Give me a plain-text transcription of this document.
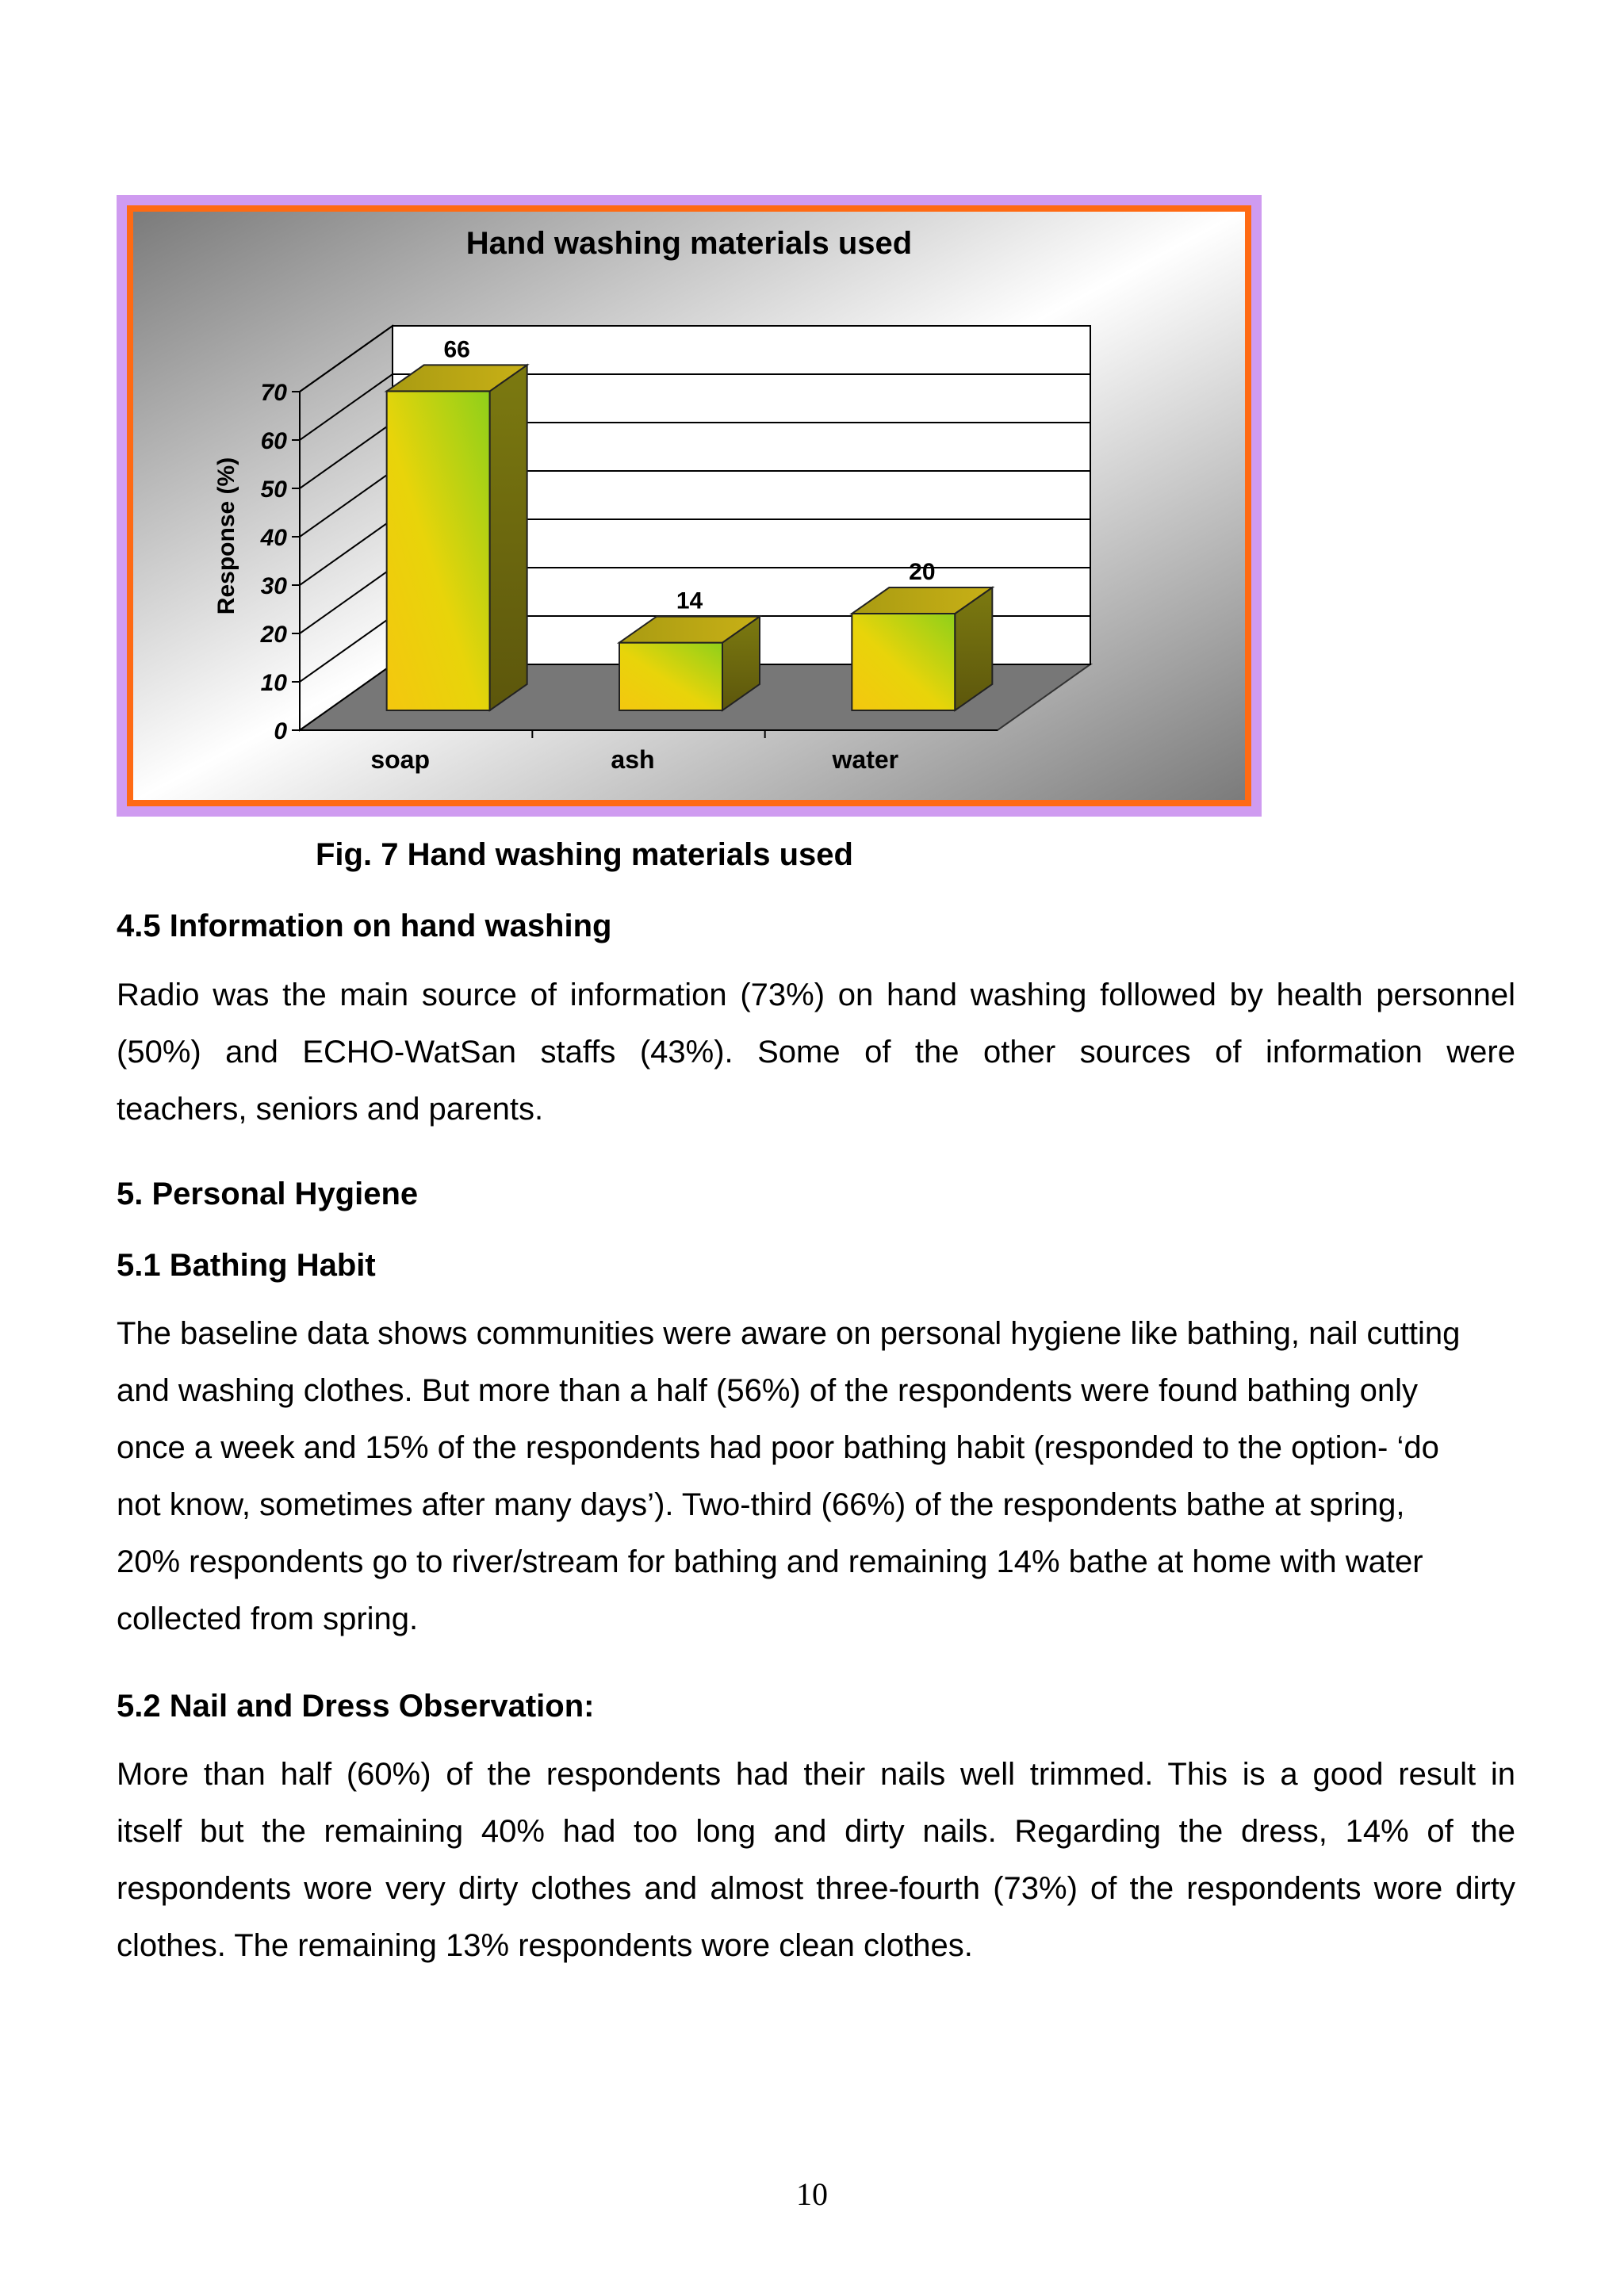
Hand washing materials used
Response (%)
0
10
20
30
40
50
60
70
66
14
20
soap	ash	water
Fig. 7 Hand washing materials used
4.5 Information on hand washing
Radio was the main source of information (73%) on hand washing followed by health personnel
(50%) and ECHO-WatSan staffs (43%). Some of the other sources of information were
teachers, seniors and parents.
5. Personal Hygiene
5.1 Bathing Habit
The baseline data shows communities were aware on personal hygiene like bathing, nail cutting
and washing clothes. But more than a half (56%) of the respondents were found bathing only
once a week and 15% of the respondents had poor bathing habit (responded to the option- ‘do
not know, sometimes after many days’). Two-third (66%) of the respondents bathe at spring,
20% respondents go to river/stream for bathing and remaining 14% bathe at home with water
collected from spring.
5.2 Nail and Dress Observation:
More than half (60%) of the respondents had their nails well trimmed. This is a good result in
itself but the remaining 40% had too long and dirty nails. Regarding the dress, 14% of the
respondents wore very dirty clothes and almost three-fourth (73%) of the respondents wore dirty
clothes. The remaining 13% respondents wore clean clothes.
10
